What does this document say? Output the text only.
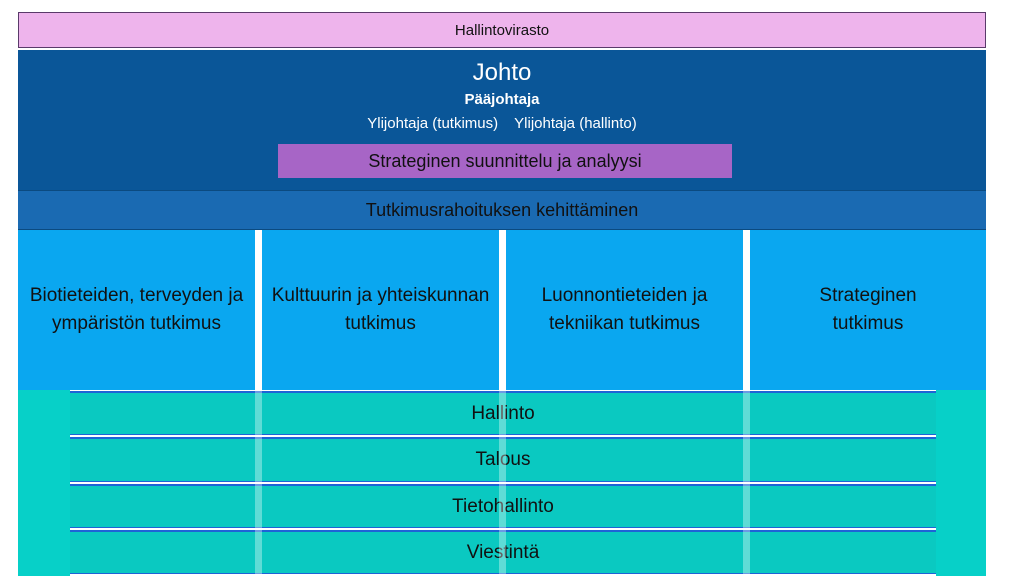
Hallintovirasto
Johto
Pääjohtaja
Ylijohtaja (tutkimus) Ylijohtaja (hallinto)
Strateginen suunnittelu ja analyysi
Biotieteiden, terveyden ja
ympäristön tutkimus
Kulttuurin ja yhteiskunnan
tutkimus
Luonnontieteiden ja
tekniikan tutkimus
Strateginen
tutkimus
Tutkimusrahoituksen kehittäminen
Hallinto
Talous
Tietohallinto
Viestintä
